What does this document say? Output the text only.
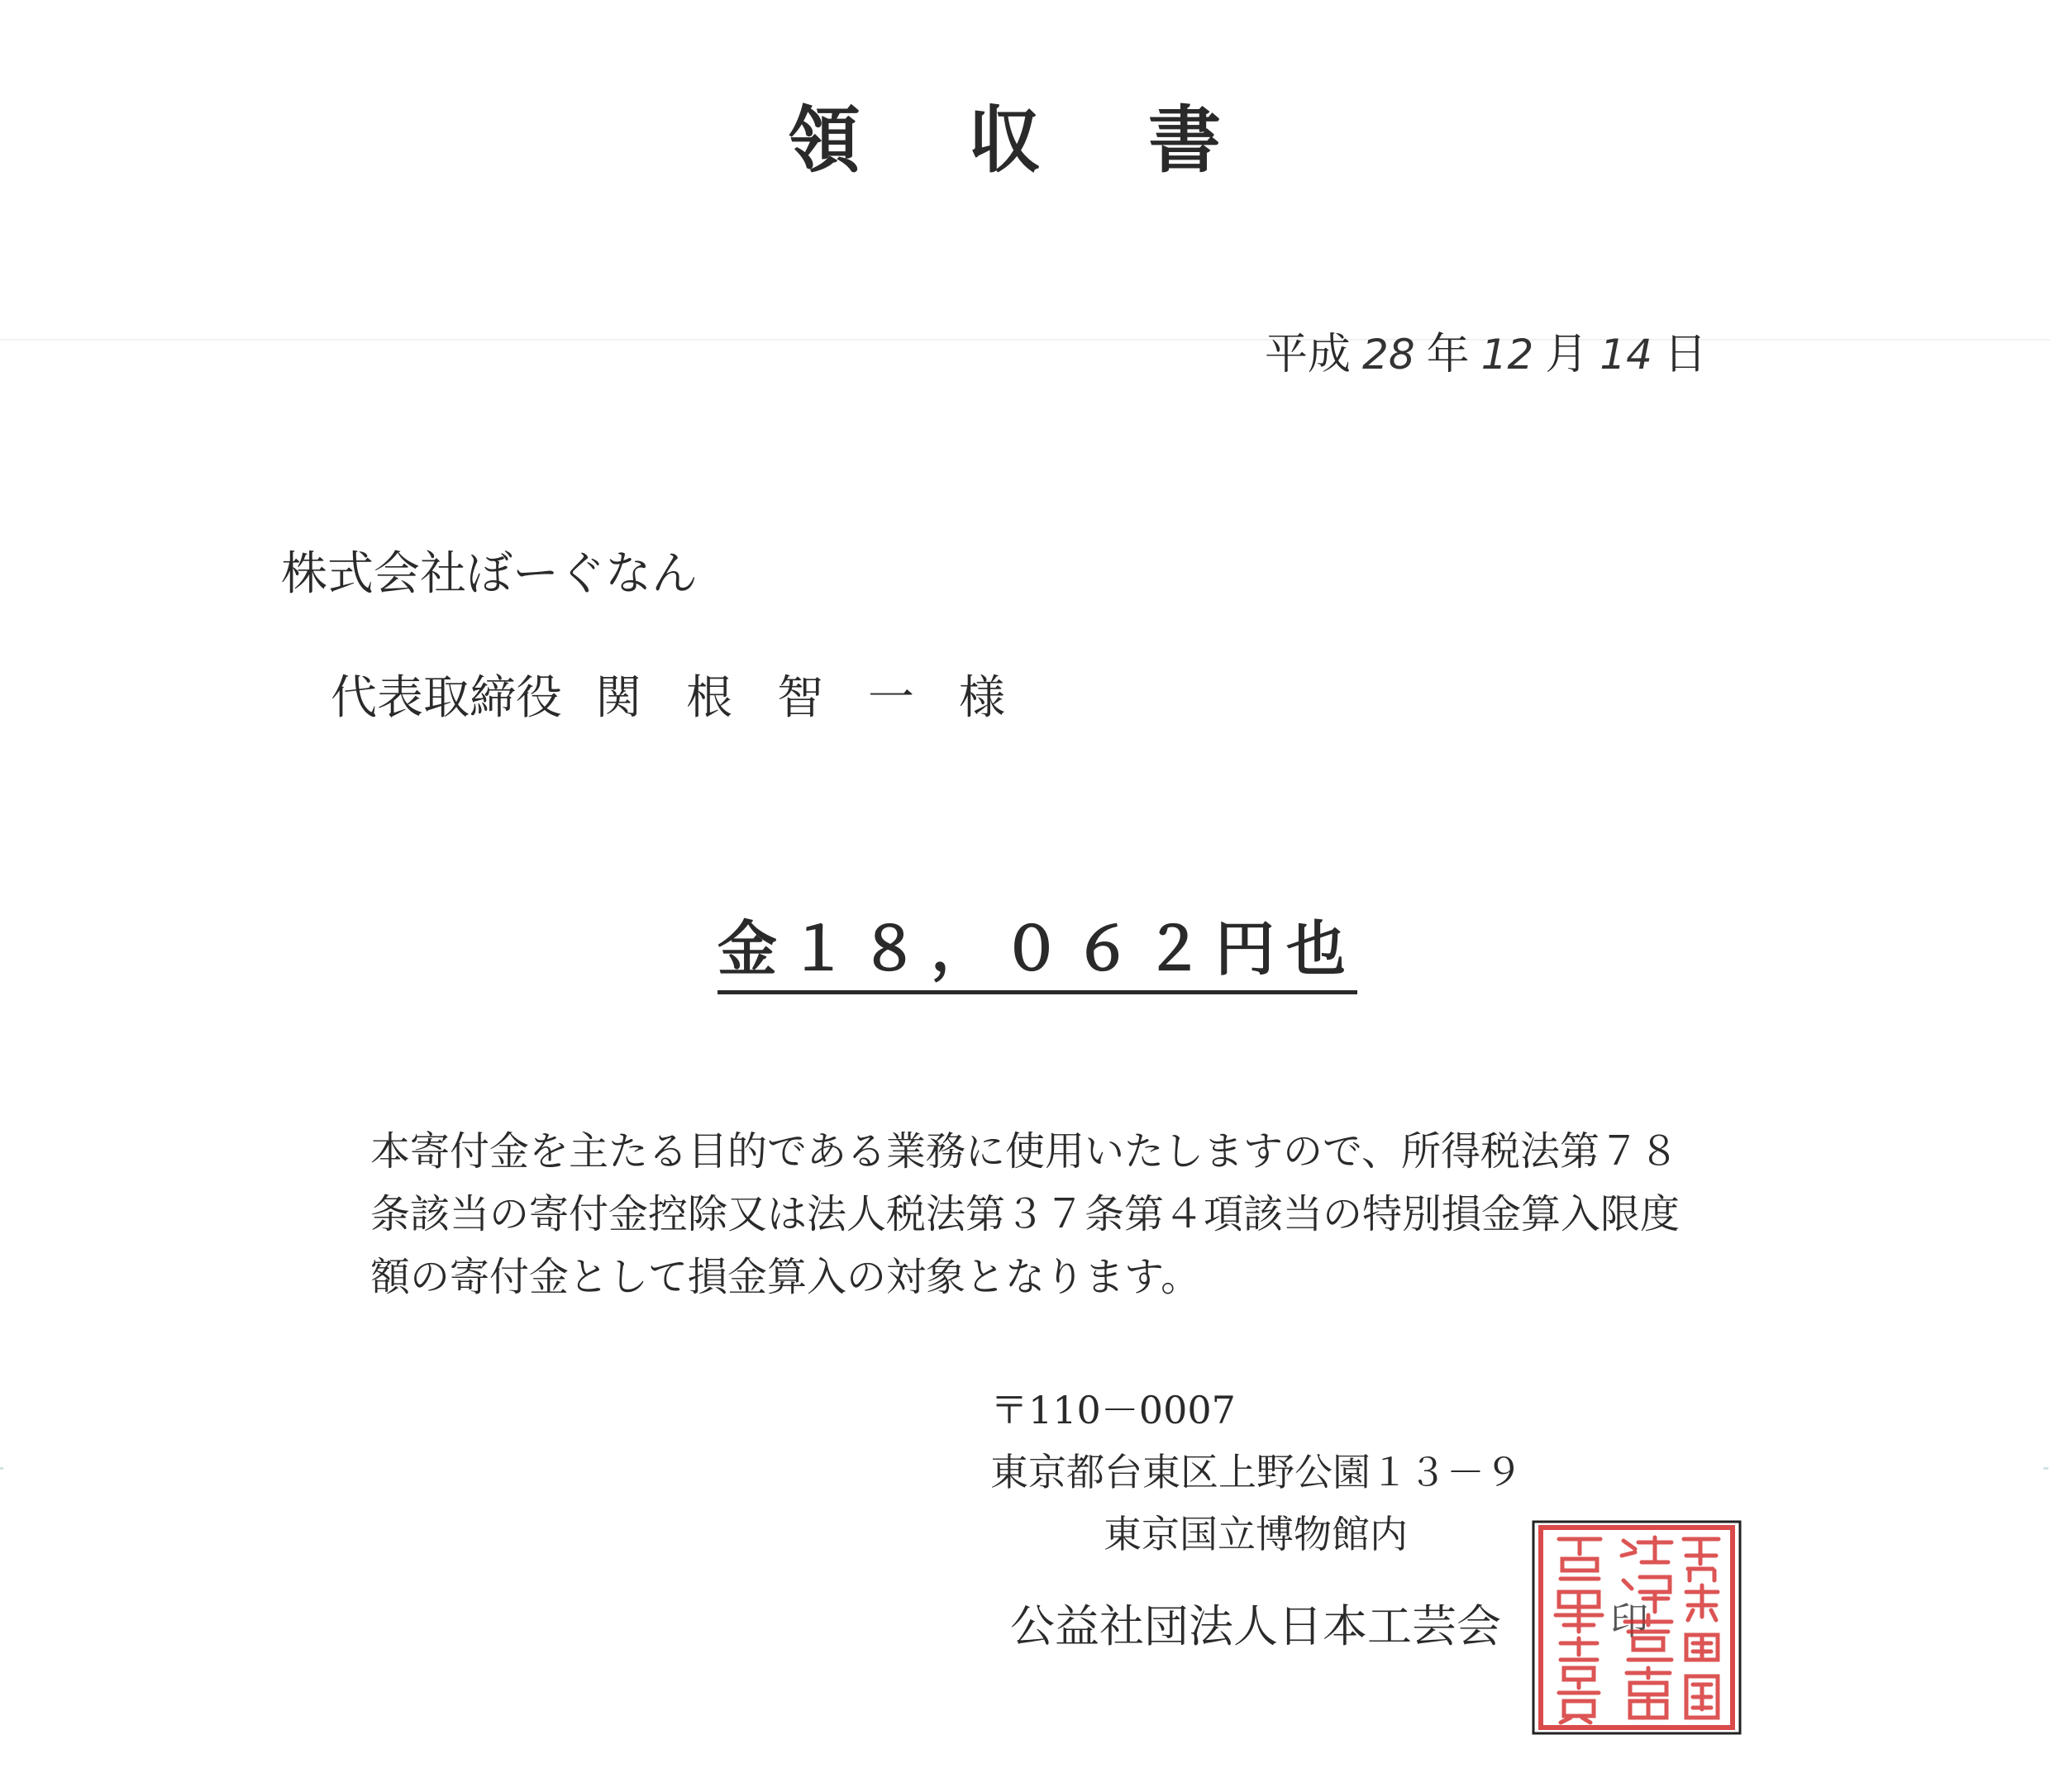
領収書
平成 28 年 12 月 14 日
株式会社ぼーぐなん
代表取締役 関根智一様
金１８，０６２円也
本寄付金を主たる目的である業務に使用いたしますので、所得税法第７８
条該当の寄付金控除又は法人税法第３７条第４項該当の特別損金算入限度
額の寄付金として損金算入の対象となります。
〒110－0007
東京都台東区上野公園１３－９
東京国立博物館内
公益社団法人日本工芸会	印
